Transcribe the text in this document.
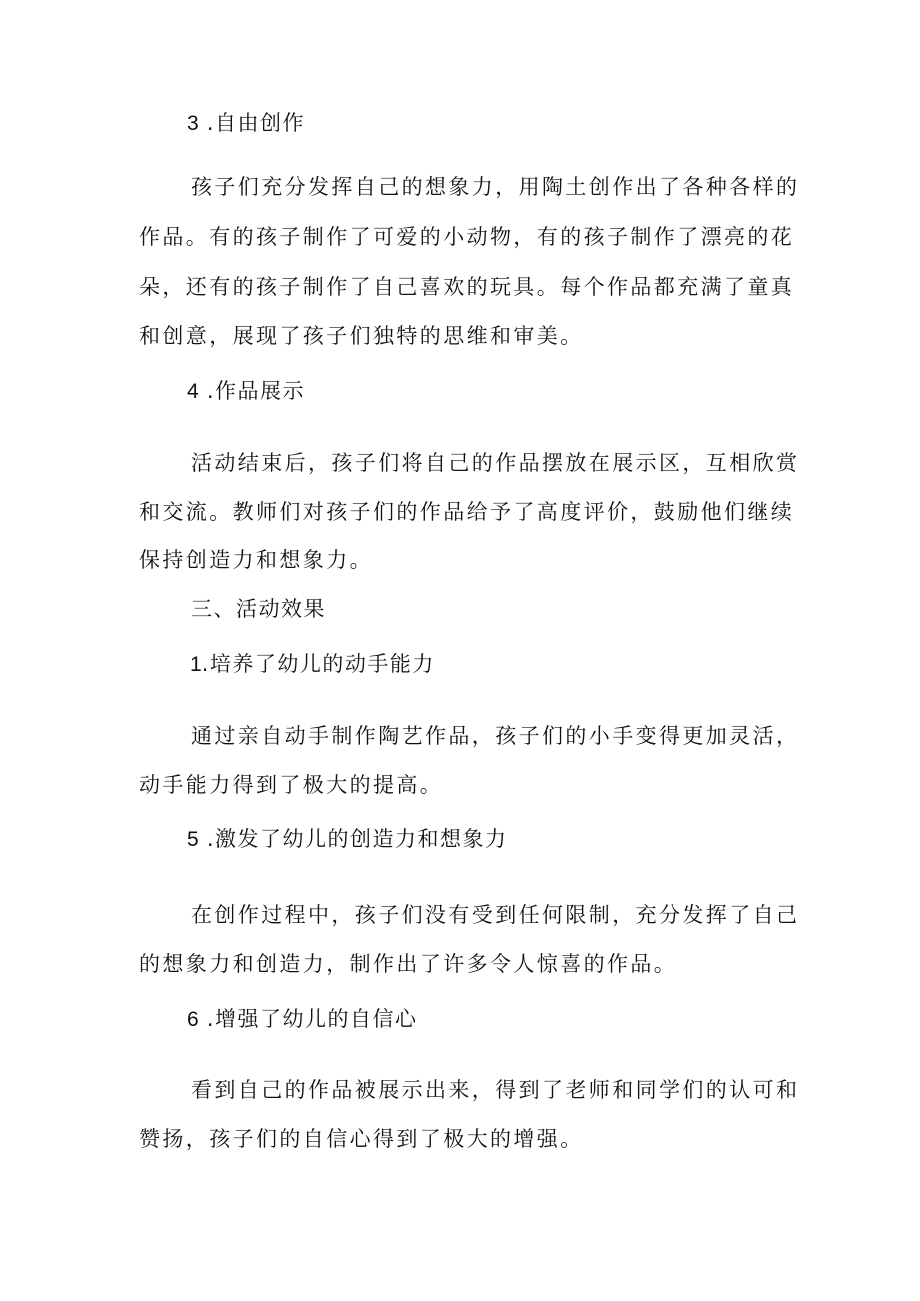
3 .自由创作
孩子们充分发挥自己的想象力，用陶土创作出了各种各样的
作品。有的孩子制作了可爱的小动物，有的孩子制作了漂亮的花
朵，还有的孩子制作了自己喜欢的玩具。每个作品都充满了童真
和创意，展现了孩子们独特的思维和审美。
4 .作品展示
活动结束后，孩子们将自己的作品摆放在展示区，互相欣赏
和交流。教师们对孩子们的作品给予了高度评价，鼓励他们继续
保持创造力和想象力。
三、活动效果
1.培养了幼儿的动手能力
通过亲自动手制作陶艺作品，孩子们的小手变得更加灵活，
动手能力得到了极大的提高。
5 .激发了幼儿的创造力和想象力
在创作过程中，孩子们没有受到任何限制，充分发挥了自己
的想象力和创造力，制作出了许多令人惊喜的作品。
6 .增强了幼儿的自信心
看到自己的作品被展示出来，得到了老师和同学们的认可和
赞扬，孩子们的自信心得到了极大的增强。
